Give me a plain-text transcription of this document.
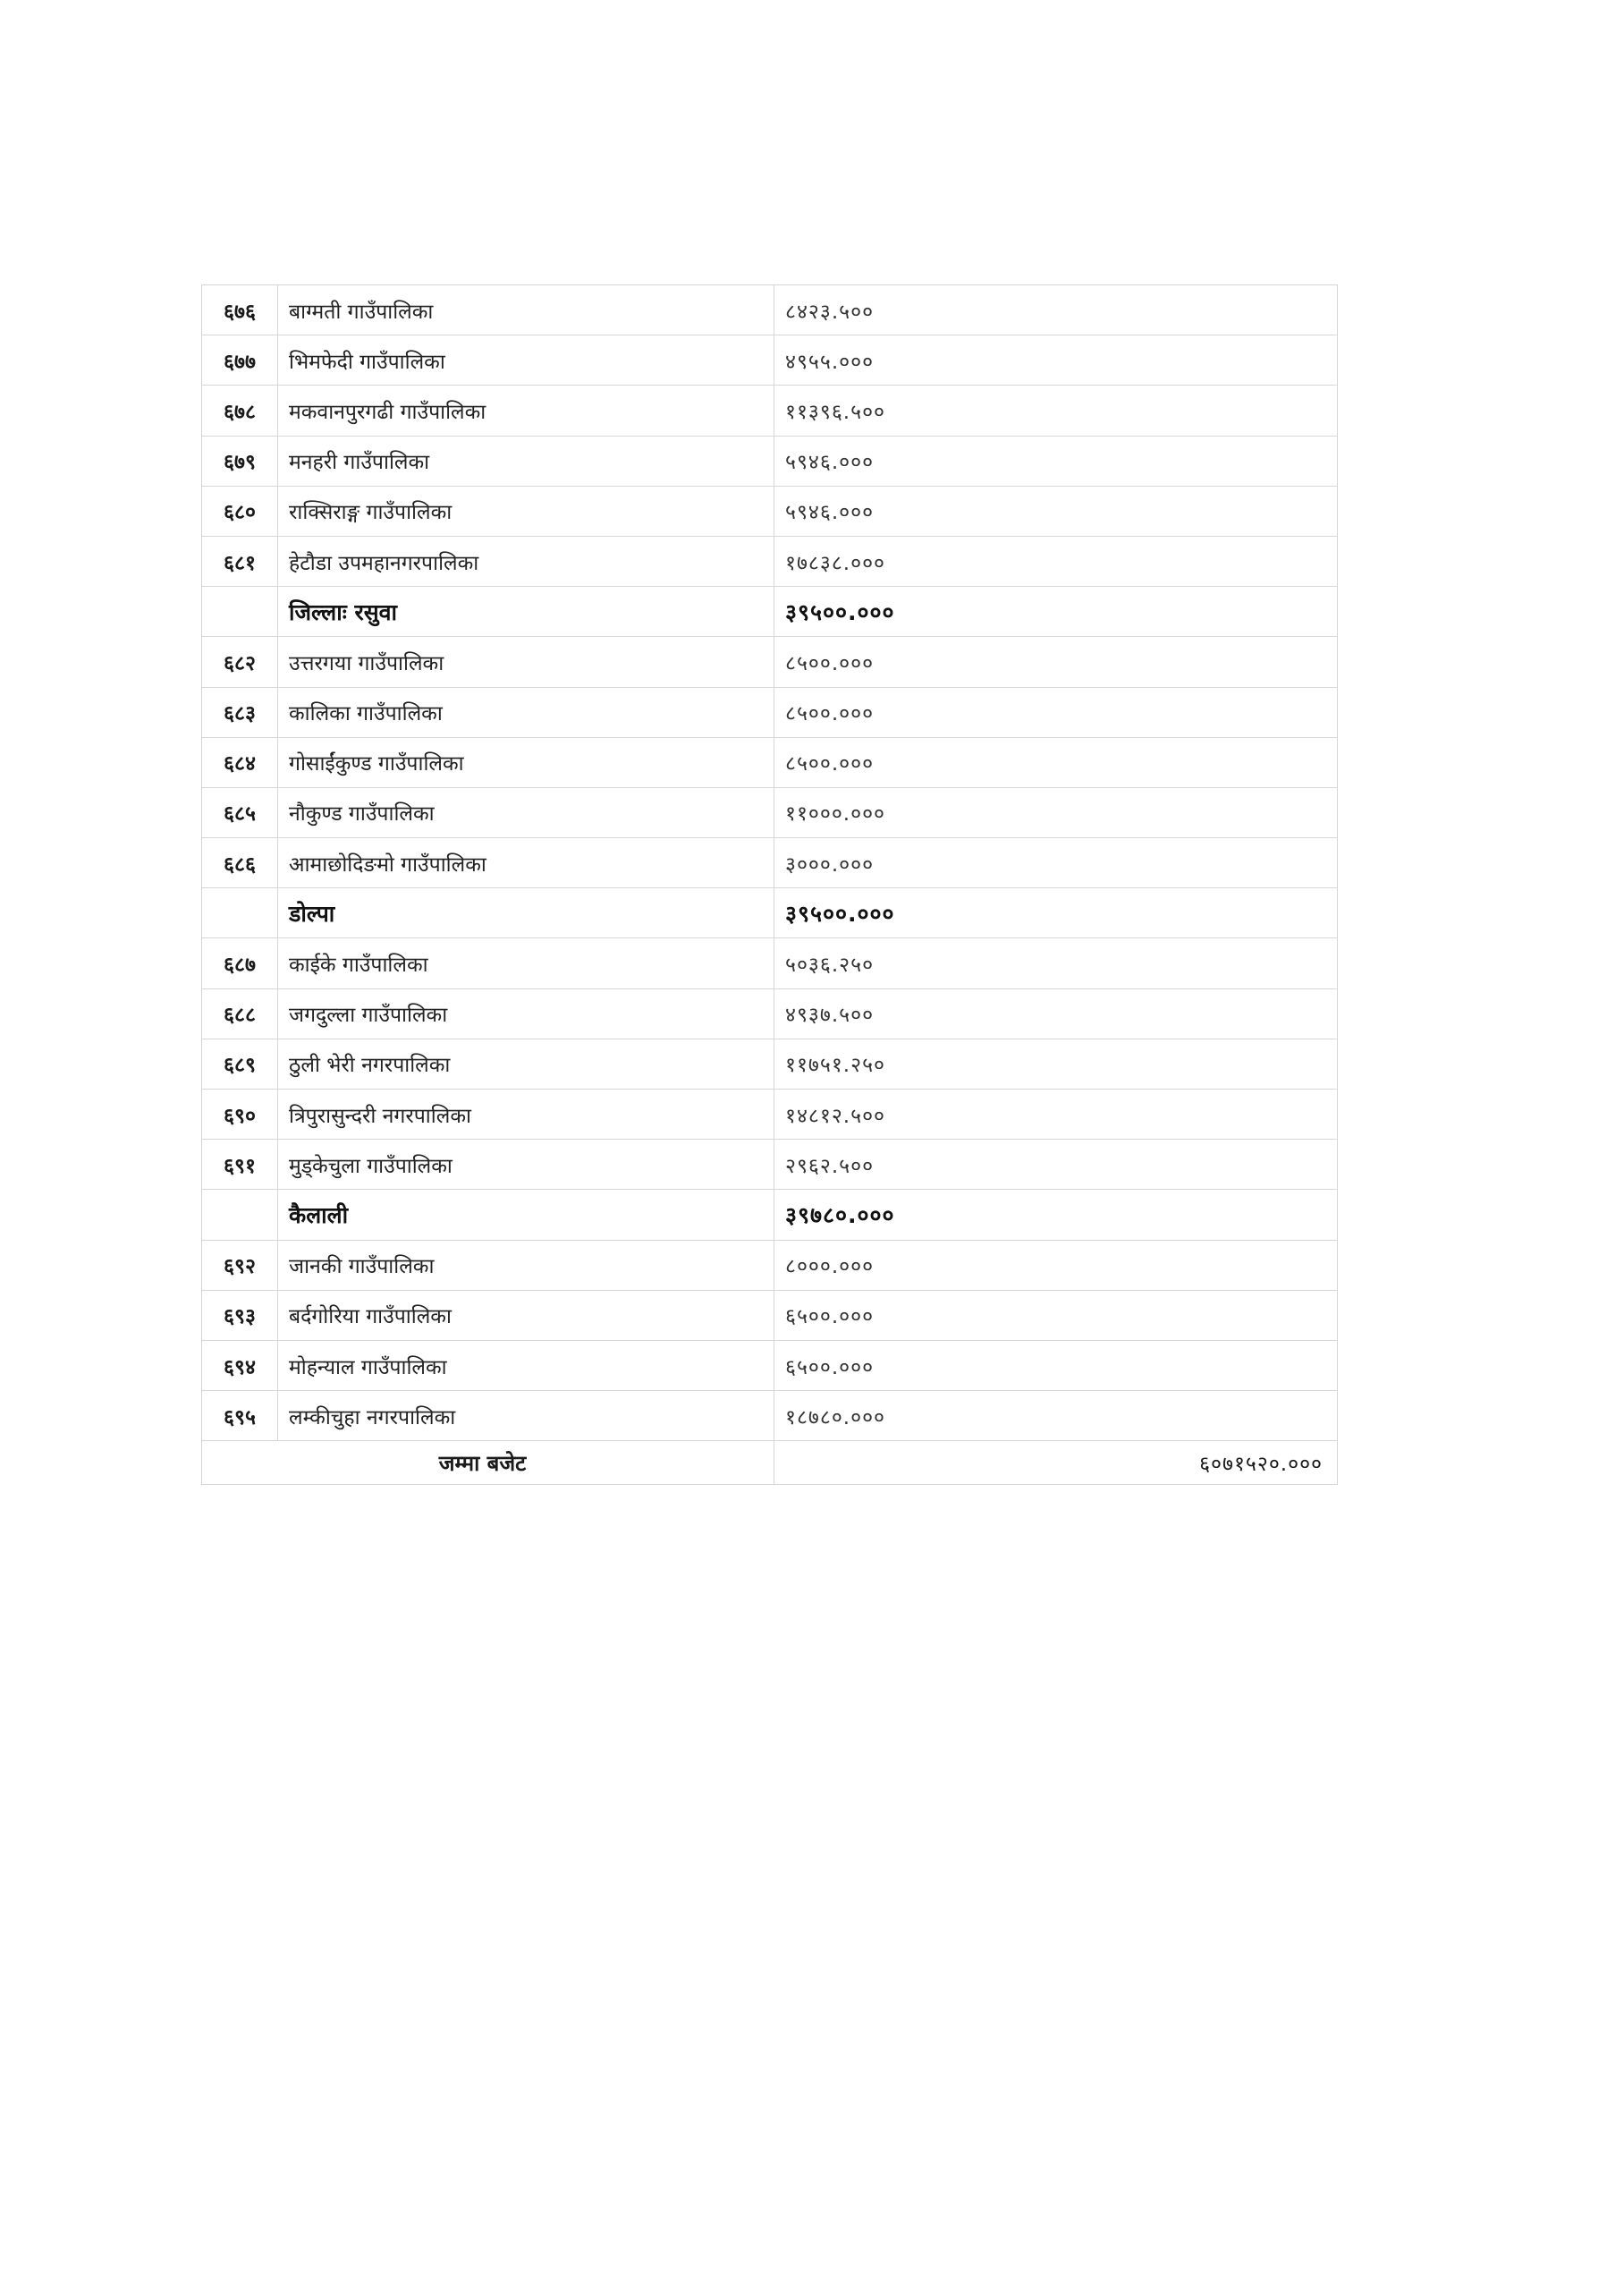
६७६	बाग्मती गाउँपालिका	८४२३.५००
६७७	भिमफेदी गाउँपालिका	४९५५.०००
६७८	मकवानपुरगढी गाउँपालिका	११३९६.५००
६७९	मनहरी गाउँपालिका	५९४६.०००
६८०	राक्सिराङ्ग गाउँपालिका	५९४६.०००
६८१	हेटौडा उपमहानगरपालिका	१७८३८.०००
	जिल्लाः रसुवा	३९५००.०००
६८२	उत्तरगया गाउँपालिका	८५००.०००
६८३	कालिका गाउँपालिका	८५००.०००
६८४	गोसाईंकुण्ड गाउँपालिका	८५००.०००
६८५	नौकुण्ड गाउँपालिका	११०००.०००
६८६	आमाछोदिङमो गाउँपालिका	३०००.०००
	डोल्पा	३९५००.०००
६८७	काईके गाउँपालिका	५०३६.२५०
६८८	जगदुल्ला गाउँपालिका	४९३७.५००
६८९	ठुली भेरी नगरपालिका	११७५१.२५०
६९०	त्रिपुरासुन्दरी नगरपालिका	१४८१२.५००
६९१	मुड्केचुला गाउँपालिका	२९६२.५००
	कैलाली	३९७८०.०००
६९२	जानकी गाउँपालिका	८०००.०००
६९३	बर्दगोरिया गाउँपालिका	६५००.०००
६९४	मोहन्याल गाउँपालिका	६५००.०००
६९५	लम्कीचुहा नगरपालिका	१८७८०.०००
जम्मा बजेट		६०७१५२०.०००
